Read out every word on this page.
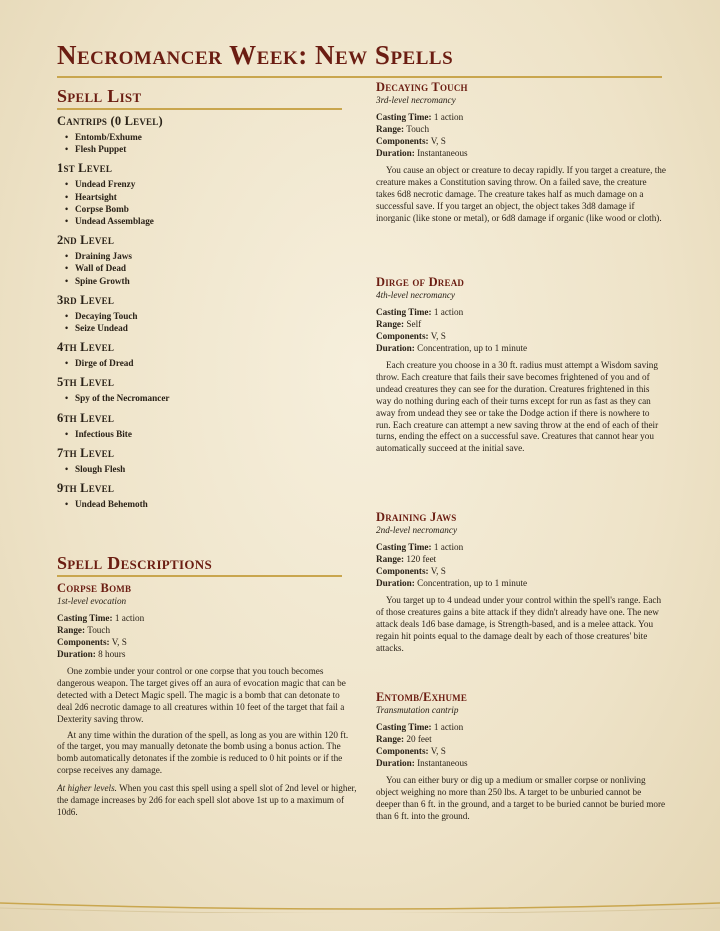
Necromancer Week: New Spells
Spell List
Cantrips (0 Level)
• Entomb/Exhume
• Flesh Puppet
1st Level
• Undead Frenzy
• Heartsight
• Corpse Bomb
• Undead Assemblage
2nd Level
• Draining Jaws
• Wall of Dead
• Spine Growth
3rd Level
• Decaying Touch
• Seize Undead
4th Level
• Dirge of Dread
5th Level
• Spy of the Necromancer
6th Level
• Infectious Bite
7th Level
• Slough Flesh
9th Level
• Undead Behemoth
Spell Descriptions
Corpse Bomb

1st-level evocation

Casting Time: 1 action

Range: Touch

Components: V, S

Duration: 8 hours

One zombie under your control or one corpse that you touch becomes dangerous weapon. The target gives off an aura of evocation magic that can be detected with a Detect Magic spell. The magic is a bomb that can detonate to deal 2d6 necrotic damage to all creatures within 10 feet of the target that fail a Dexterity saving throw.

At any time within the duration of the spell, as long as you are within 120 ft. of the target, you may manually detonate the bomb using a bonus action. The bomb automatically detonates if the zombie is reduced to 0 hit points or if the corpse receives any damage.

At higher levels. When you cast this spell using a spell slot of 2nd level or higher, the damage increases by 2d6 for each spell slot above 1st up to a maximum of 10d6.

Decaying Touch

3rd-level necromancy

Casting Time: 1 action

Range: Touch

Components: V, S

Duration: Instantaneous

You cause an object or creature to decay rapidly. If you target a creature, the creature makes a Constitution saving throw. On a failed save, the creature takes 6d8 necrotic damage. The creature takes half as much damage on a successful save. If you target an object, the object takes 3d8 damage if inorganic (like stone or metal), or 6d8 damage if organic (like wood or cloth).

Dirge of Dread

4th-level necromancy

Casting Time: 1 action

Range: Self

Components: V, S

Duration: Concentration, up to 1 minute

Each creature you choose in a 30 ft. radius must attempt a Wisdom saving throw. Each creature that fails their save becomes frightened of you and of undead creatures they can see for the duration. Creatures frightened in this way do nothing during each of their turns except for run as fast as they can away from undead they see or take the Dodge action if there is nowhere to run. Each creature can attempt a new saving throw at the end of each of their turns, ending the effect on a successful save. Creatures that cannot hear you automatically succeed at the initial save.

Draining Jaws

2nd-level necromancy

Casting Time: 1 action

Range: 120 feet

Components: V, S

Duration: Concentration, up to 1 minute

You target up to 4 undead under your control within the spell's range. Each of those creatures gains a bite attack if they didn't already have one. The new attack deals 1d6 base damage, is Strength-based, and is a melee attack. You regain hit points equal to the damage dealt by each of those creatures' bite attacks.

Entomb/Exhume

Transmutation cantrip

Casting Time: 1 action

Range: 20 feet

Components: V, S

Duration: Instantaneous

You can either bury or dig up a medium or smaller corpse or nonliving object weighing no more than 250 lbs. A target to be unburied cannot be deeper than 6 ft. in the ground, and a target to be buried cannot be buried more than 6 ft. into the ground.
